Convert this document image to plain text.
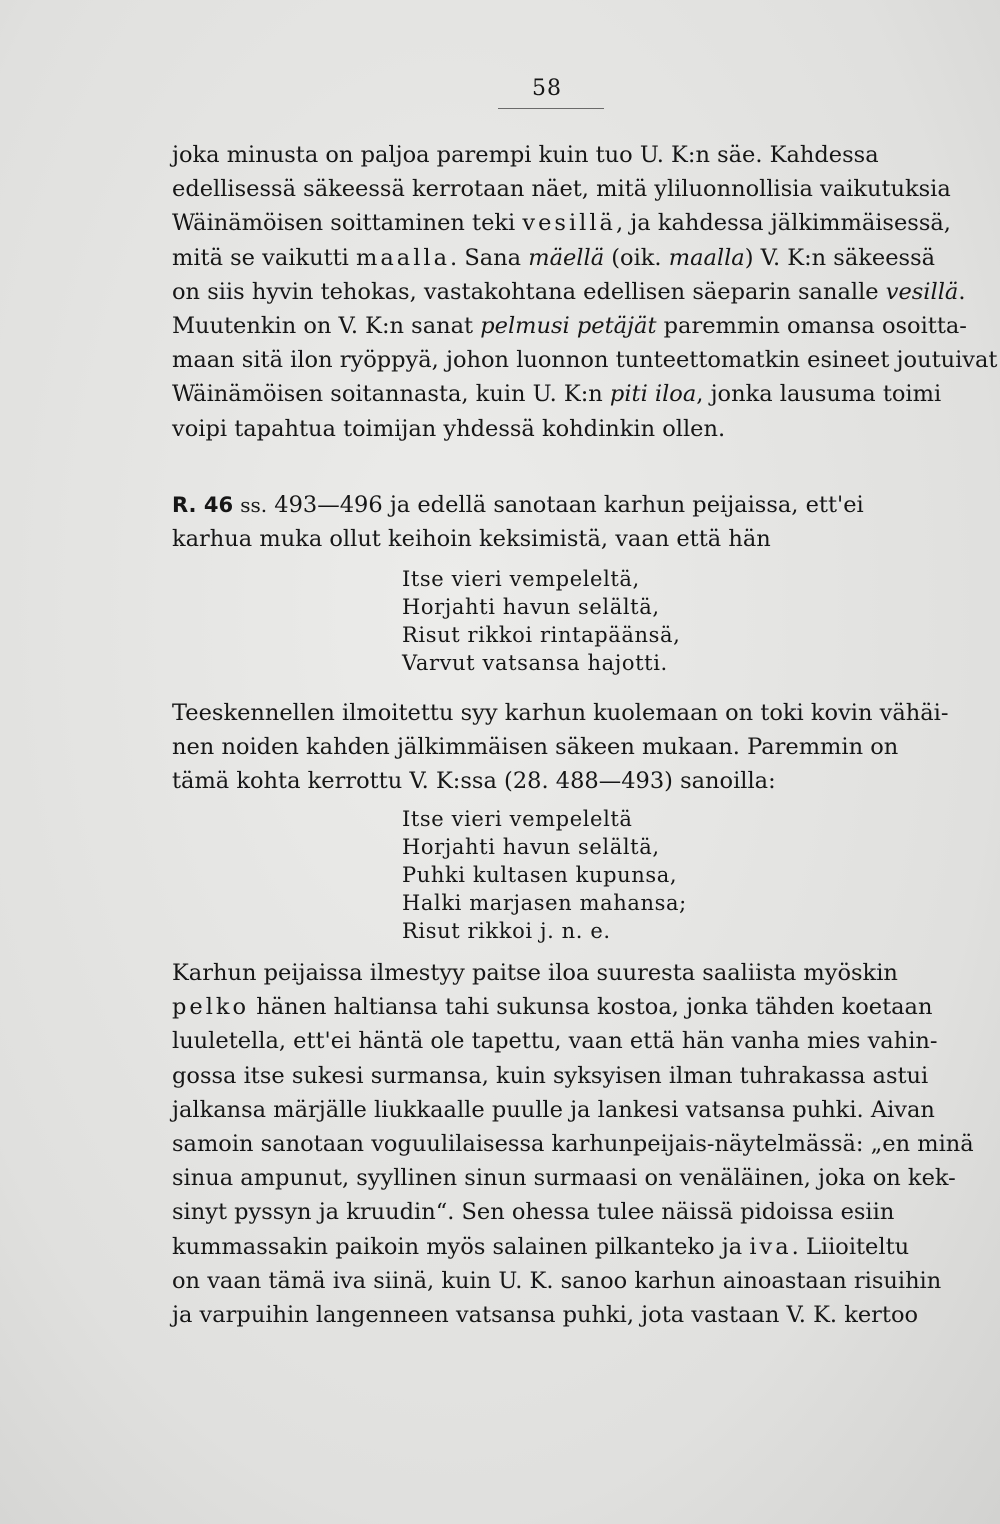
58
joka minusta on paljoa parempi kuin tuo U. K:n säe. Kahdessa
edellisessä säkeessä kerrotaan näet, mitä yliluonnollisia vaikutuksia
Wäinämöisen soittaminen teki vesillä, ja kahdessa jälkimmäisessä,
mitä se vaikutti maalla. Sana mäellä (oik. maalla) V. K:n säkeessä
on siis hyvin tehokas, vastakohtana edellisen säeparin sanalle vesillä.
Muutenkin on V. K:n sanat pelmusi petäjät paremmin omansa osoitta-
maan sitä ilon ryöppyä, johon luonnon tunteettomatkin esineet joutuivat
Wäinämöisen soitannasta, kuin U. K:n piti iloa, jonka lausuma toimi
voipi tapahtua toimijan yhdessä kohdinkin ollen.
R. 46 ss. 493—496 ja edellä sanotaan karhun peijaissa, ett'ei
karhua muka ollut keihoin keksimistä, vaan että hän
Itse vieri vempeleltä,
Horjahti havun selältä,
Risut rikkoi rintapäänsä,
Varvut vatsansa hajotti.
Teeskennellen ilmoitettu syy karhun kuolemaan on toki kovin vähäi-
nen noiden kahden jälkimmäisen säkeen mukaan. Paremmin on
tämä kohta kerrottu V. K:ssa (28. 488—493) sanoilla:
Itse vieri vempeleltä
Horjahti havun selältä,
Puhki kultasen kupunsa,
Halki marjasen mahansa;
Risut rikkoi j. n. e.
Karhun peijaissa ilmestyy paitse iloa suuresta saaliista myöskin
pelko hänen haltiansa tahi sukunsa kostoa, jonka tähden koetaan
luuletella, ett'ei häntä ole tapettu, vaan että hän vanha mies vahin-
gossa itse sukesi surmansa, kuin syksyisen ilman tuhrakassa astui
jalkansa märjälle liukkaalle puulle ja lankesi vatsansa puhki. Aivan
samoin sanotaan voguulilaisessa karhunpeijais-näytelmässä: „en minä
sinua ampunut, syyllinen sinun surmaasi on venäläinen, joka on kek-
sinyt pyssyn ja kruudin“. Sen ohessa tulee näissä pidoissa esiin
kummassakin paikoin myös salainen pilkanteko ja iva. Liioiteltu
on vaan tämä iva siinä, kuin U. K. sanoo karhun ainoastaan risuihin
ja varpuihin langenneen vatsansa puhki, jota vastaan V. K. kertoo
